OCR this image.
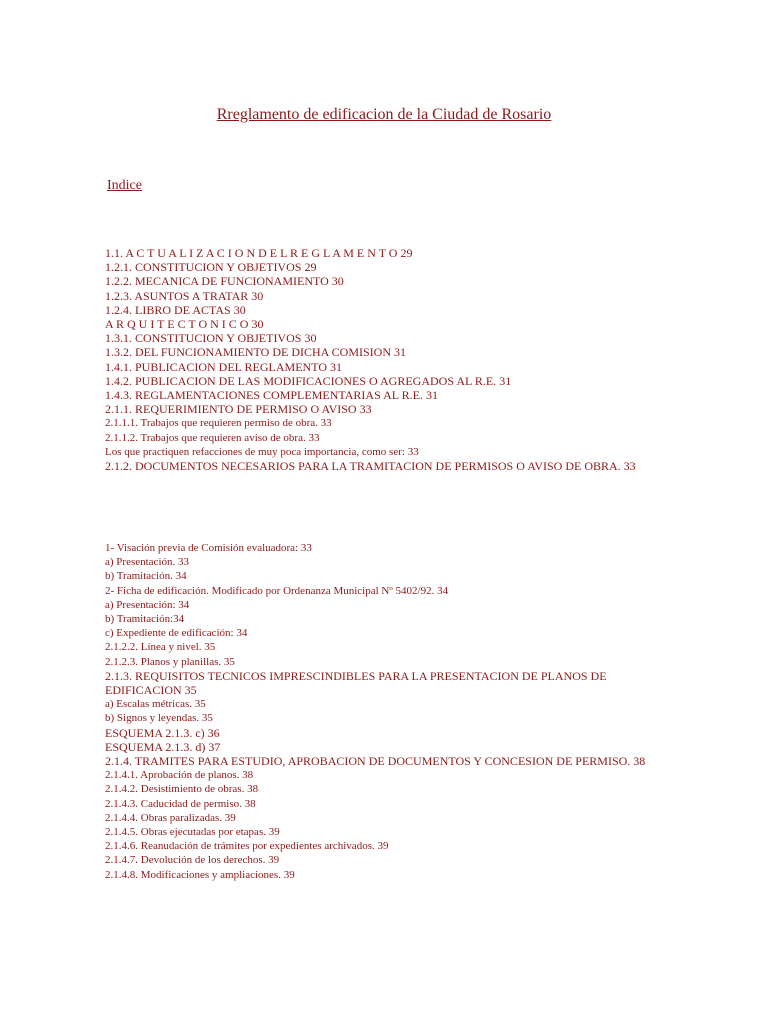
Rreglamento de edificacion de la Ciudad de Rosario
Indice
1.1. A C T U A L I Z A C I O N D E L R E G L A M E N T O 29
1.2.1. CONSTITUCION Y OBJETIVOS 29
1.2.2. MECANICA DE FUNCIONAMIENTO 30
1.2.3. ASUNTOS A TRATAR 30
1.2.4. LIBRO DE ACTAS 30
A R Q U I T E C T O N I C O 30
1.3.1. CONSTITUCION Y OBJETIVOS 30
1.3.2. DEL FUNCIONAMIENTO DE DICHA COMISION 31
1.4.1. PUBLICACION DEL REGLAMENTO 31
1.4.2. PUBLICACION DE LAS MODIFICACIONES O AGREGADOS AL R.E. 31
1.4.3. REGLAMENTACIONES COMPLEMENTARIAS AL R.E. 31
2.1.1. REQUERIMIENTO DE PERMISO O AVISO 33
2.1.1.1. Trabajos que requieren permiso de obra. 33
2.1.1.2. Trabajos que requieren aviso de obra. 33
Los que practiquen refacciones de muy poca importancia, como ser: 33
2.1.2. DOCUMENTOS NECESARIOS PARA LA TRAMITACION DE PERMISOS O AVISO DE OBRA. 33
1- Visación previa de Comisión evaluadora: 33
a) Presentación. 33
b) Tramitación. 34
2- Ficha de edificación. Modificado por Ordenanza Municipal Nº 5402/92. 34
a) Presentación: 34
b) Tramitación:34
c) Expediente de edificación: 34
2.1.2.2. Línea y nivel. 35
2.1.2.3. Planos y planillas. 35
2.1.3. REQUISITOS TECNICOS IMPRESCINDIBLES PARA LA PRESENTACION DE PLANOS DE EDIFICACION 35
a) Escalas métricas. 35
b) Signos y leyendas. 35
ESQUEMA 2.1.3. c) 36
ESQUEMA 2.1.3. d) 37
2.1.4. TRAMITES PARA ESTUDIO, APROBACION DE DOCUMENTOS Y CONCESION DE PERMISO. 38
2.1.4.1. Aprobación de planos. 38
2.1.4.2. Desistimiento de obras. 38
2.1.4.3. Caducidad de permiso. 38
2.1.4.4. Obras paralizadas. 39
2.1.4.5. Obras ejecutadas por etapas. 39
2.1.4.6. Reanudación de trámites por expedientes archivados. 39
2.1.4.7. Devolución de los derechos. 39
2.1.4.8. Modificaciones y ampliaciones. 39
